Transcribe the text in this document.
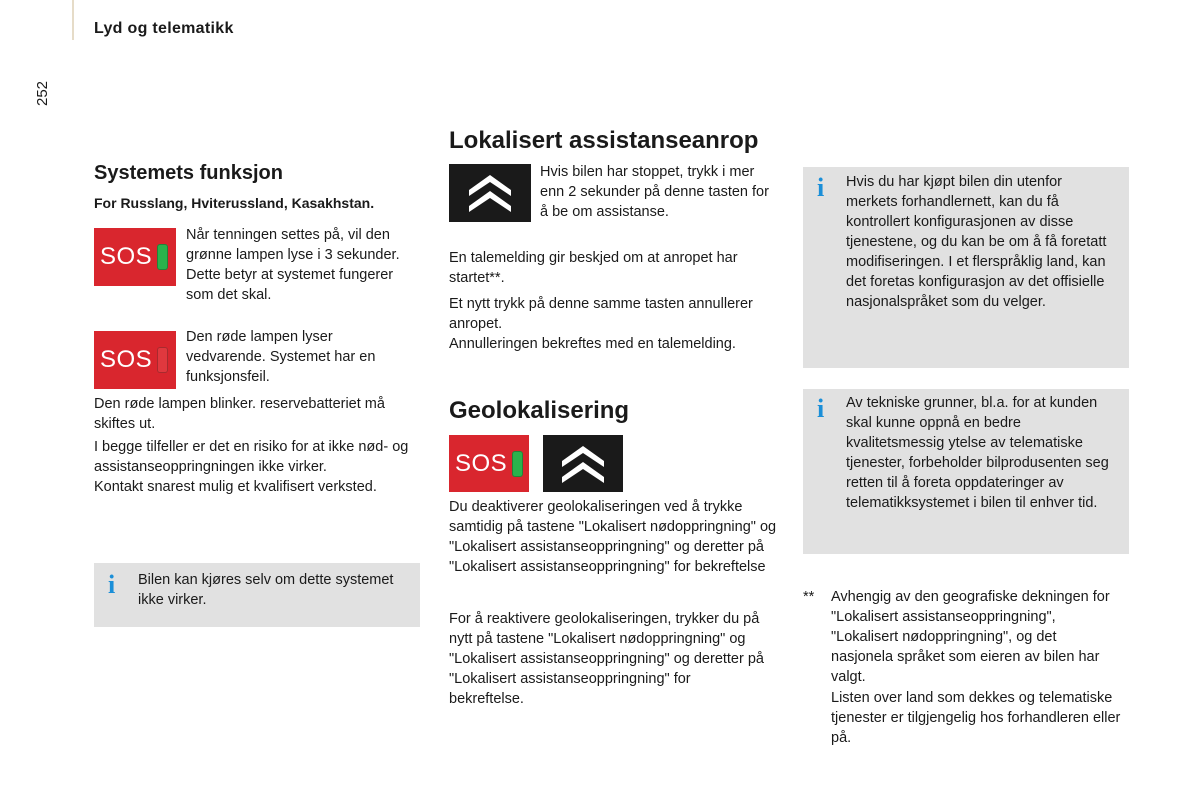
Lyd og telematikk
252
Systemets funksjon
For Russlang, Hviterussland, Kasakhstan.
SOS
Når tenningen settes på, vil den grønne lampen lyse i 3 sekunder. Dette betyr at systemet fungerer som det skal.
SOS
Den røde lampen lyser vedvarende. Systemet har en funksjonsfeil.
Den røde lampen blinker. reservebatteriet må skiftes ut.
I begge tilfeller er det en risiko for at ikke nød- og assistanseoppringningen ikke virker.
Kontakt snarest mulig et kvalifisert verksted.
i Bilen kan kjøres selv om dette systemet ikke virker.
Lokalisert assistanseanrop
Hvis bilen har stoppet, trykk i mer enn 2 sekunder på denne tasten for å be om assistanse.
En talemelding gir beskjed om at anropet har startet**.
Et nytt trykk på denne samme tasten annullerer anropet.
Annulleringen bekreftes med en talemelding.
Geolokalisering
SOS
Du deaktiverer geolokaliseringen ved å trykke samtidig på tastene "Lokalisert nødoppringning" og "Lokalisert assistanseoppringning" og deretter på "Lokalisert assistanseoppringning" for bekreftelse
For å reaktivere geolokaliseringen, trykker du på nytt på tastene "Lokalisert nødoppringning" og "Lokalisert assistanseoppringning" og deretter på "Lokalisert assistanseoppringning" for bekreftelse.
i Hvis du har kjøpt bilen din utenfor merkets forhandlernett, kan du få kontrollert konfigurasjonen av disse tjenestene, og du kan be om å få foretatt modifiseringen. I et flerspråklig land, kan det foretas konfigurasjon av det offisielle nasjonalspråket som du velger.
i Av tekniske grunner, bl.a. for at kunden skal kunne oppnå en bedre kvalitetsmessig ytelse av telematiske tjenester, forbeholder bilprodusenten seg retten til å foreta oppdateringer av telematikksystemet i bilen til enhver tid.
** Avhengig av den geografiske dekningen for "Lokalisert assistanseoppringning", "Lokalisert nødoppringning", og det nasjonela språket som eieren av bilen har valgt.
Listen over land som dekkes og telematiske tjenester er tilgjengelig hos forhandleren eller på.
